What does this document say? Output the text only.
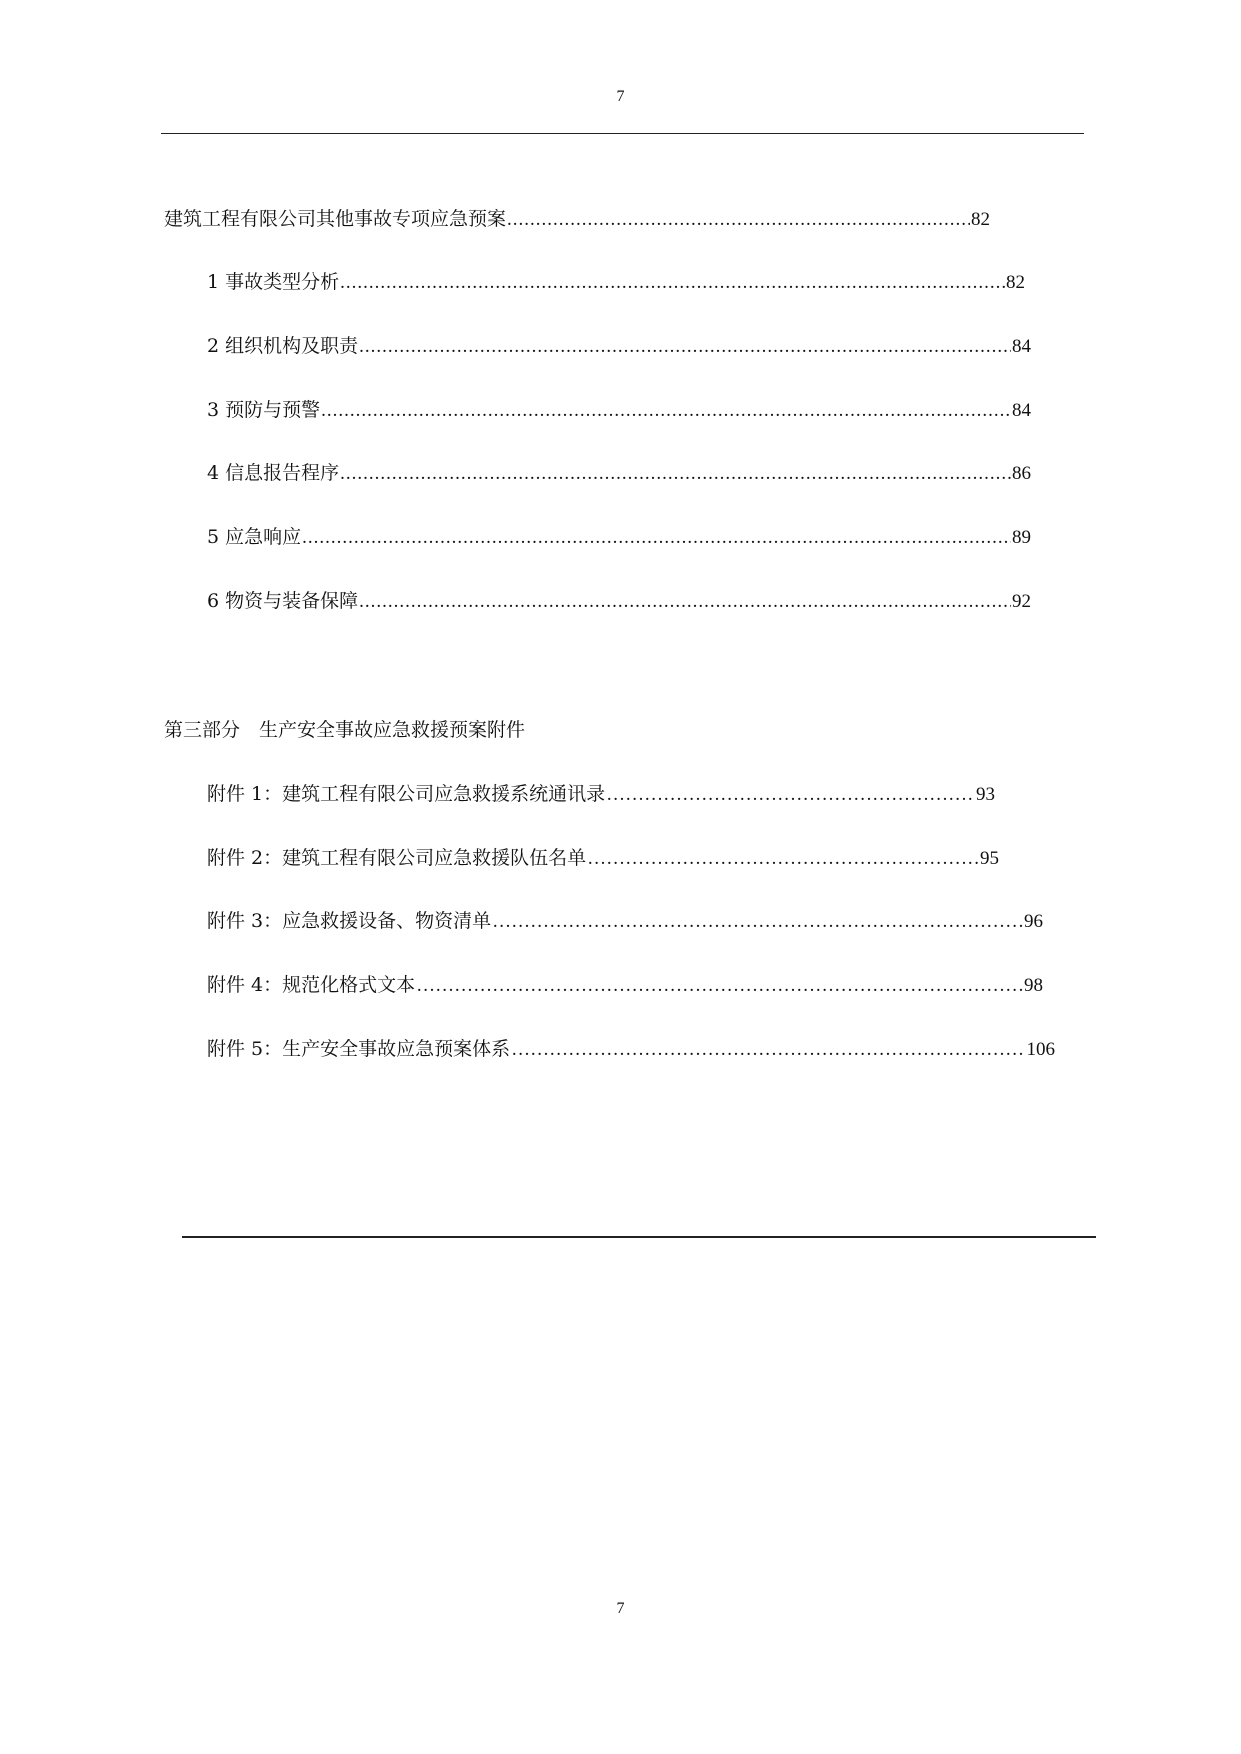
7
建筑工程有限公司其他事故专项应急预案 .....	82
1 事故类型分析 .....	82
2 组织机构及职责 .....	84
3 预防与预警 .....	84
4 信息报告程序 .....	86
5 应急响应 .....	89
6 物资与装备保障 .....	92
第三部分　生产安全事故应急救援预案附件
附件 1：建筑工程有限公司应急救援系统通讯录 …………………………………………………………………………………………………………………………………………………………………………………………………………………………………………………	93
附件 2：建筑工程有限公司应急救援队伍名单 …………………………………………………………………………………………………………………………………………………………………………………………………………………………………………………	95
附件 3：应急救援设备、物资清单 …………………………………………………………………………………………………………………………………………………………………………………………………………………………………………………	96
附件 4：规范化格式文本 …………………………………………………………………………………………………………………………………………………………………………………………………………………………………………………	98
附件 5：生产安全事故应急预案体系 …………………………………………………………………………………………………………………………………………………………………………………………………………………………………………………	106
7
